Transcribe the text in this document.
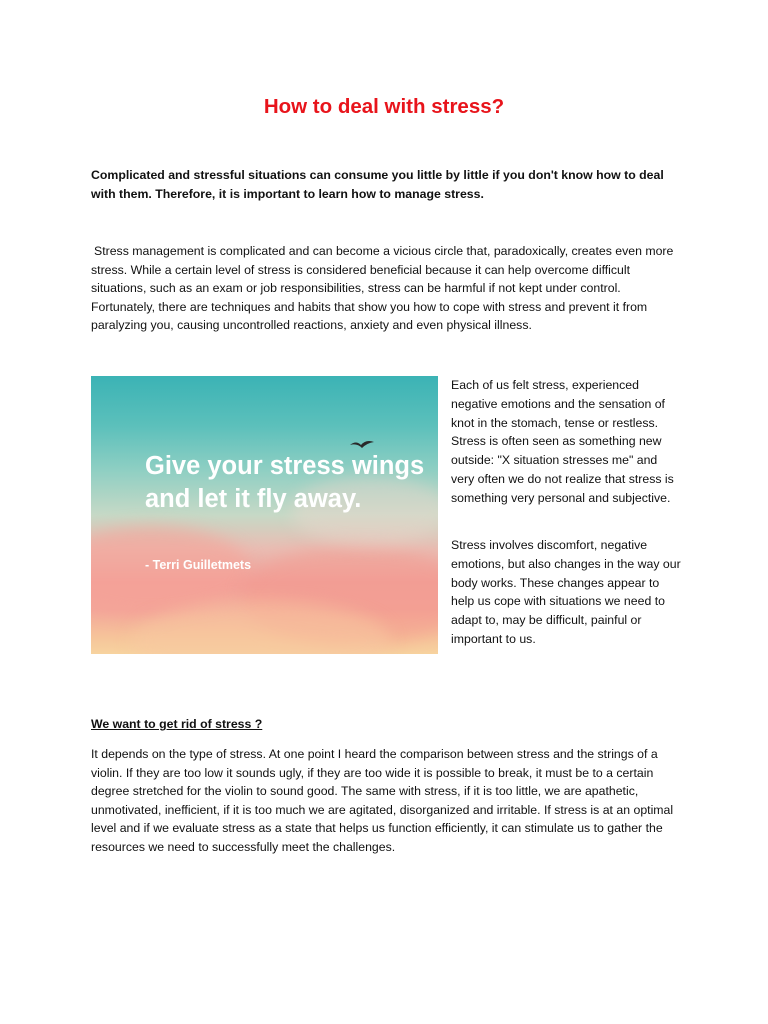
How to deal with stress?

Complicated and stressful situations can consume you little by little if you don't know how to deal with them. Therefore, it is important to learn how to manage stress.

Stress management is complicated and can become a vicious circle that, paradoxically, creates even more stress. While a certain level of stress is considered beneficial because it can help overcome difficult situations, such as an exam or job responsibilities, stress can be harmful if not kept under control. Fortunately, there are techniques and habits that show you how to cope with stress and prevent it from paralyzing you, causing uncontrolled reactions, anxiety and even physical illness.

Give your stress wings and let it fly away.

- Terri Guilletmets

Each of us felt stress, experienced negative emotions and the sensation of knot in the stomach, tense or restless. Stress is often seen as something new outside: "X situation stresses me" and very often we do not realize that stress is something very personal and subjective.

Stress involves discomfort, negative emotions, but also changes in the way our body works. These changes appear to help us cope with situations we need to adapt to, may be difficult, painful or important to us.

We want to get rid of stress ?

It depends on the type of stress. At one point I heard the comparison between stress and the strings of a violin. If they are too low it sounds ugly, if they are too wide it is possible to break, it must be to a certain degree stretched for the violin to sound good. The same with stress, if it is too little, we are apathetic, unmotivated, inefficient, if it is too much we are agitated, disorganized and irritable. If stress is at an optimal level and if we evaluate stress as a state that helps us function efficiently, it can stimulate us to gather the resources we need to successfully meet the challenges.
